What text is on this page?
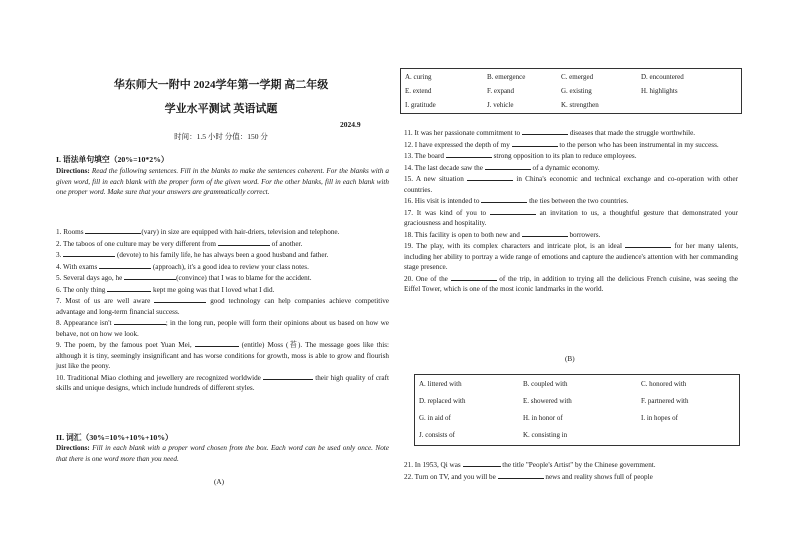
华东师大一附中 2024学年第一学期 高二年级
学业水平测试 英语试题
2024.9
时间：1.5 小时 分值：150 分
I. 语法单句填空（20%=10*2%）
Directions: Read the following sentences. Fill in the blanks to make the sentences coherent. For the blanks with a given word, fill in each blank with the proper form of the given word. For the other blanks, fill in each blank with one proper word. Make sure that your answers are grammatically correct.

1. Rooms	(vary) in size are equipped with hair-driers, television and telephone.

2. The taboos of one culture may be very different from	of another.

3.	(devote) to his family life, he has always been a good husband and father.

4. With exams	(approach), it's a good idea to review your class notes.

5. Several days ago, he	(convince) that I was to blame for the accident.

6. The only thing	kept me going was that I loved what I did.

7. Most of us are well aware	good technology can help companies achieve competitive advantage and long-term financial success.

8. Appearance isn't	; in the long run, people will form their opinions about us based on how we behave, not on how we look.

9. The poem, by the famous poet Yuan Mei,	(entitle) Moss (苔). The message goes like this: although it is tiny, seemingly insignificant and has worse conditions for growth, moss is able to grow and flourish just like the peony.

10. Traditional Miao clothing and jewellery are recognized worldwide	their high quality of craft skills and unique designs, which include hundreds of different styles.

II. 词汇（30%=10%+10%+10%）
Directions: Fill in each blank with a proper word chosen from the box. Each word can be used only once. Note that there is one word more than you need.
(A)
A. curing	B. emergence	C. emerged	D. encountered
E. extend	F. expand	G. existing	H. highlights
I. gratitude	J. vehicle	K. strengthen

11. It was her passionate commitment to	diseases that made the struggle worthwhile.

12. I have expressed the depth of my	to the person who has been instrumental in my success.

13. The board	strong opposition to its plan to reduce employees.

14. The last decade saw the	of a dynamic economy.

15. A new situation	in China's economic and technical exchange and co-operation with other countries.

16. His visit is intended to	the ties between the two countries.

17. It was kind of you to	an invitation to us, a thoughtful gesture that demonstrated your graciousness and hospitality.

18. This facility is open to both new and	borrowers.

19. The play, with its complex characters and intricate plot, is an ideal	for her many talents, including her ability to portray a wide range of emotions and capture the audience's attention with her commanding stage presence.

20. One of the	of the trip, in addition to trying all the delicious French cuisine, was seeing the Eiffel Tower, which is one of the most iconic landmarks in the world.

(B)
A. littered with	B. coupled with	C. honored with
D. replaced with	E. showered with	F. partnered with
G. in aid of	H. in honor of	I. in hopes of
J. consists of	K. consisting in

21. In 1953, Qi was	the title "People's Artist" by the Chinese government.

22. Turn on TV, and you will be	news and reality shows full of people
